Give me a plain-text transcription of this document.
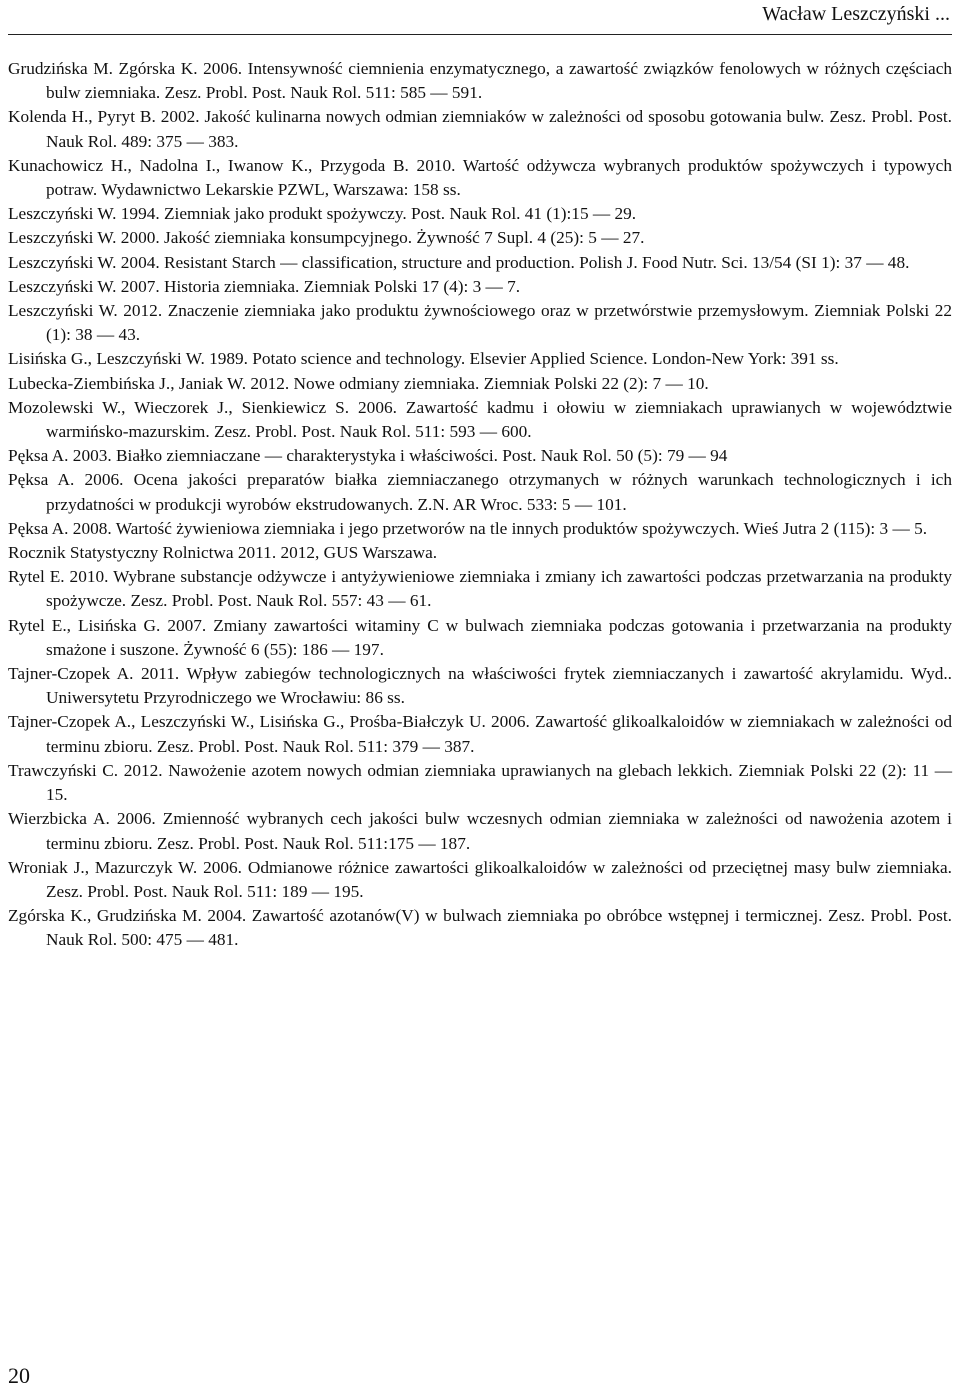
Wacław Leszczyński ...
Grudzińska M. Zgórska K. 2006. Intensywność ciemnienia enzymatycznego, a zawartość związków fenolowych w różnych częściach bulw ziemniaka. Zesz. Probl. Post. Nauk Rol. 511: 585 — 591.
Kolenda H., Pyryt B. 2002. Jakość kulinarna nowych odmian ziemniaków w zależności od sposobu gotowania bulw. Zesz. Probl. Post. Nauk Rol. 489: 375 — 383.
Kunachowicz H., Nadolna I., Iwanow K., Przygoda B. 2010. Wartość odżywcza wybranych produktów spożywczych i typowych potraw. Wydawnictwo Lekarskie PZWL, Warszawa: 158 ss.
Leszczyński W. 1994. Ziemniak jako produkt spożywczy. Post. Nauk Rol. 41 (1):15 — 29.
Leszczyński W. 2000. Jakość ziemniaka konsumpcyjnego. Żywność 7 Supl. 4 (25): 5 — 27.
Leszczyński W. 2004. Resistant Starch — classification, structure and production. Polish J. Food Nutr. Sci. 13/54 (SI 1): 37 — 48.
Leszczyński W. 2007. Historia ziemniaka. Ziemniak Polski 17 (4): 3 — 7.
Leszczyński W. 2012. Znaczenie ziemniaka jako produktu żywnościowego oraz w przetwórstwie przemysłowym. Ziemniak Polski 22 (1): 38 — 43.
Lisińska G., Leszczyński W. 1989. Potato science and technology. Elsevier Applied Science. London-New York: 391 ss.
Lubecka-Ziembińska J., Janiak W. 2012. Nowe odmiany ziemniaka. Ziemniak Polski 22 (2): 7 — 10.
Mozolewski W., Wieczorek J., Sienkiewicz S. 2006. Zawartość kadmu i ołowiu w ziemniakach uprawianych w województwie warmińsko-mazurskim. Zesz. Probl. Post. Nauk Rol. 511: 593 — 600.
Pęksa A. 2003. Białko ziemniaczane — charakterystyka i właściwości. Post. Nauk Rol. 50 (5): 79 — 94
Pęksa A. 2006. Ocena jakości preparatów białka ziemniaczanego otrzymanych w różnych warunkach technologicznych i ich przydatności w produkcji wyrobów ekstrudowanych. Z.N. AR Wroc. 533: 5 — 101.
Pęksa A. 2008. Wartość żywieniowa ziemniaka i jego przetworów na tle innych produktów spożywczych. Wieś Jutra 2 (115): 3 — 5.
Rocznik Statystyczny Rolnictwa 2011. 2012, GUS Warszawa.
Rytel E. 2010. Wybrane substancje odżywcze i antyżywieniowe ziemniaka i zmiany ich zawartości podczas przetwarzania na produkty spożywcze. Zesz. Probl. Post. Nauk Rol. 557: 43 — 61.
Rytel E., Lisińska G. 2007. Zmiany zawartości witaminy C w bulwach ziemniaka podczas gotowania i przetwarzania na produkty smażone i suszone. Żywność 6 (55): 186 — 197.
Tajner-Czopek A. 2011. Wpływ zabiegów technologicznych na właściwości frytek ziemniaczanych i zawartość akrylamidu. Wyd.. Uniwersytetu Przyrodniczego we Wrocławiu: 86 ss.
Tajner-Czopek A., Leszczyński W., Lisińska G., Prośba-Białczyk U. 2006. Zawartość glikoalkaloidów w ziemniakach w zależności od terminu zbioru. Zesz. Probl. Post. Nauk Rol. 511: 379 — 387.
Trawczyński C. 2012. Nawożenie azotem nowych odmian ziemniaka uprawianych na glebach lekkich. Ziemniak Polski 22 (2): 11 — 15.
Wierzbicka A. 2006. Zmienność wybranych cech jakości bulw wczesnych odmian ziemniaka w zależności od nawożenia azotem i terminu zbioru. Zesz. Probl. Post. Nauk Rol. 511:175 — 187.
Wroniak J., Mazurczyk W. 2006. Odmianowe różnice zawartości glikoalkaloidów w zależności od przeciętnej masy bulw ziemniaka. Zesz. Probl. Post. Nauk Rol. 511: 189 — 195.
Zgórska K., Grudzińska M. 2004. Zawartość azotanów(V) w bulwach ziemniaka po obróbce wstępnej i termicznej. Zesz. Probl. Post. Nauk Rol. 500: 475 — 481.
20
